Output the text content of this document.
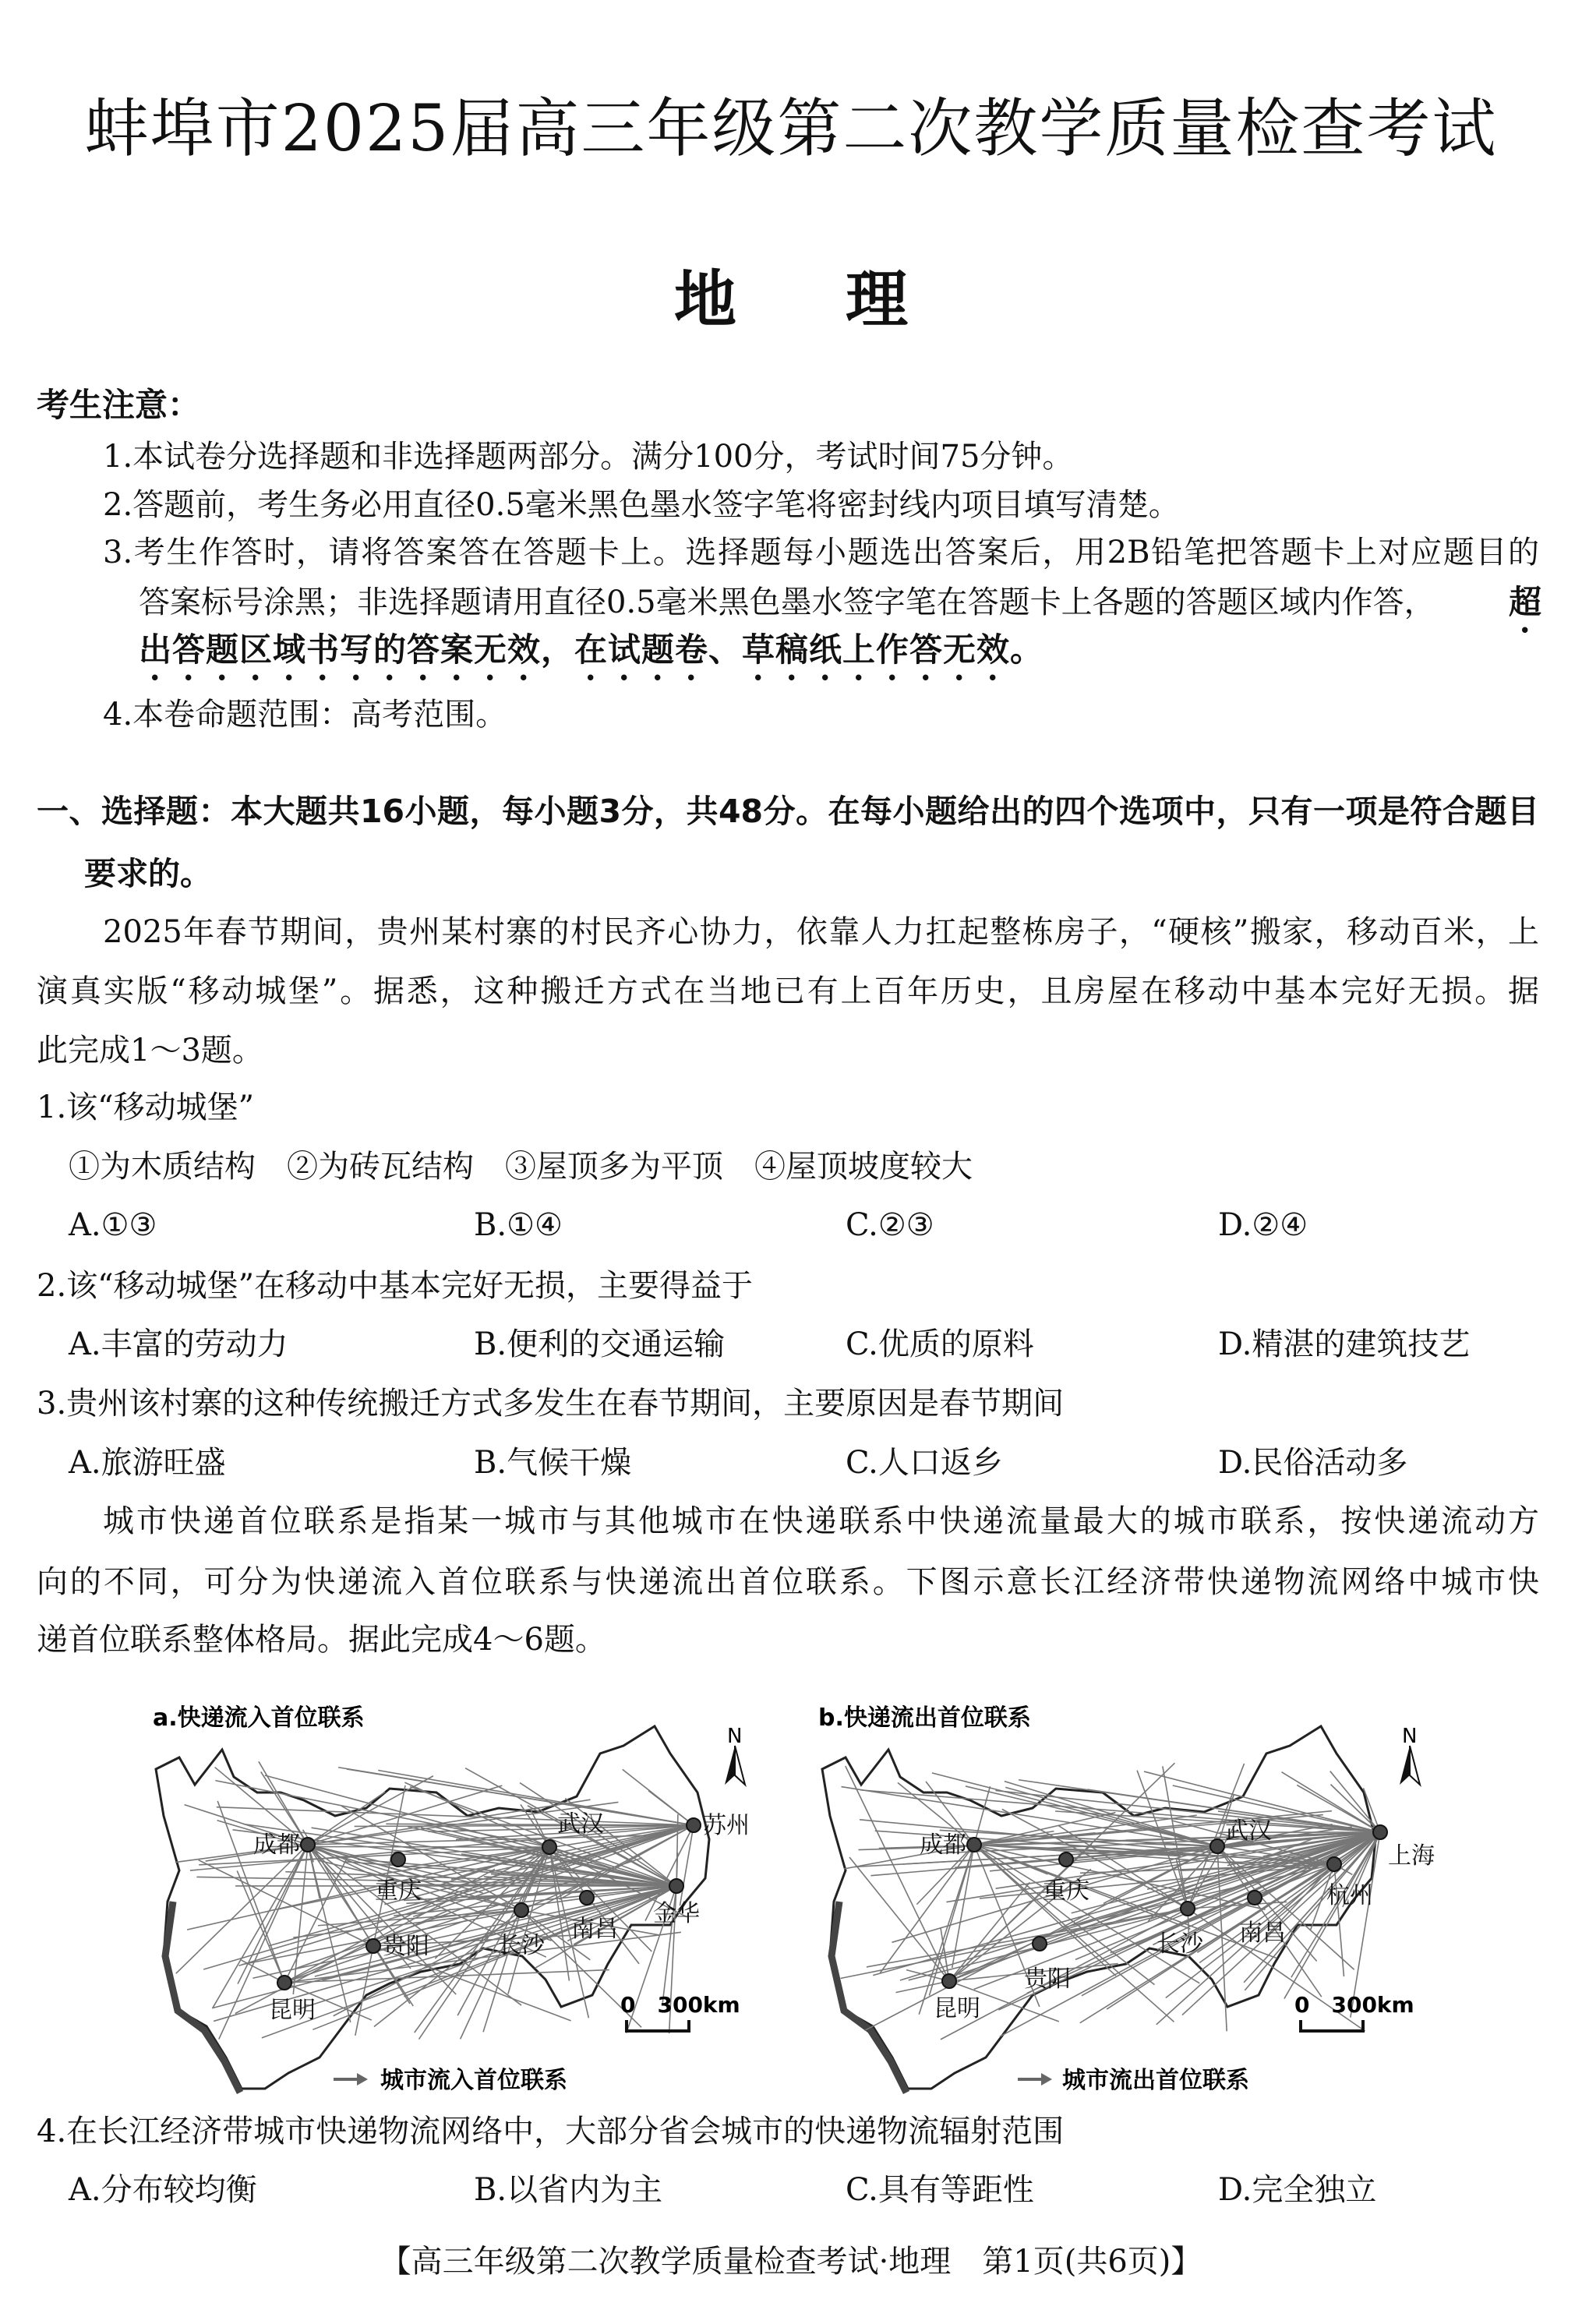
蚌埠市2025届高三年级第二次教学质量检查考试
地 理
考生注意：
1.本试卷分选择题和非选择题两部分。满分100分，考试时间75分钟。
2.答题前，考生务必用直径0.5毫米黑色墨水签字笔将密封线内项目填写清楚。
3.考生作答时，请将答案答在答题卡上。选择题每小题选出答案后，用2B铅笔把答题卡上对应题目的
答案标号涂黑；非选择题请用直径0.5毫米黑色墨水签字笔在答题卡上各题的答题区域内作答， 超
出答题区域书写的答案无效，在试题卷、草稿纸上作答无效。
4.本卷命题范围：高考范围。
一、选择题：本大题共16小题，每小题3分，共48分。在每小题给出的四个选项中，只有一项是符合题目
要求的。
2025年春节期间，贵州某村寨的村民齐心协力，依靠人力扛起整栋房子，“硬核”搬家，移动百米，上
演真实版“移动城堡”。据悉，这种搬迁方式在当地已有上百年历史，且房屋在移动中基本完好无损。据
此完成1～3题。
1.该“移动城堡”
①为木质结构　②为砖瓦结构　③屋顶多为平顶　④屋顶坡度较大
A.①③	B.①④	C.②③	D.②④
2.该“移动城堡”在移动中基本完好无损，主要得益于
A.丰富的劳动力	B.便利的交通运输	C.优质的原料	D.精湛的建筑技艺
3.贵州该村寨的这种传统搬迁方式多发生在春节期间，主要原因是春节期间
A.旅游旺盛	B.气候干燥	C.人口返乡	D.民俗活动多
城市快递首位联系是指某一城市与其他城市在快递联系中快递流量最大的城市联系，按快递流动方
向的不同，可分为快递流入首位联系与快递流出首位联系。下图示意长江经济带快递物流网络中城市快
递首位联系整体格局。据此完成4～6题。
成都
重庆
武汉	苏州
金华
南昌
长沙
贵阳
昆明
成都
重庆
武汉
上海
杭州
南昌
长沙
贵阳
昆明
a.快递流入首位联系	b.快递流出首位联系
N	N
0　300km	0　300km
城市流入首位联系	城市流出首位联系
4.在长江经济带城市快递物流网络中，大部分省会城市的快递物流辐射范围
A.分布较均衡	B.以省内为主	C.具有等距性	D.完全独立
【高三年级第二次教学质量检查考试·地理　第1页(共6页)】
